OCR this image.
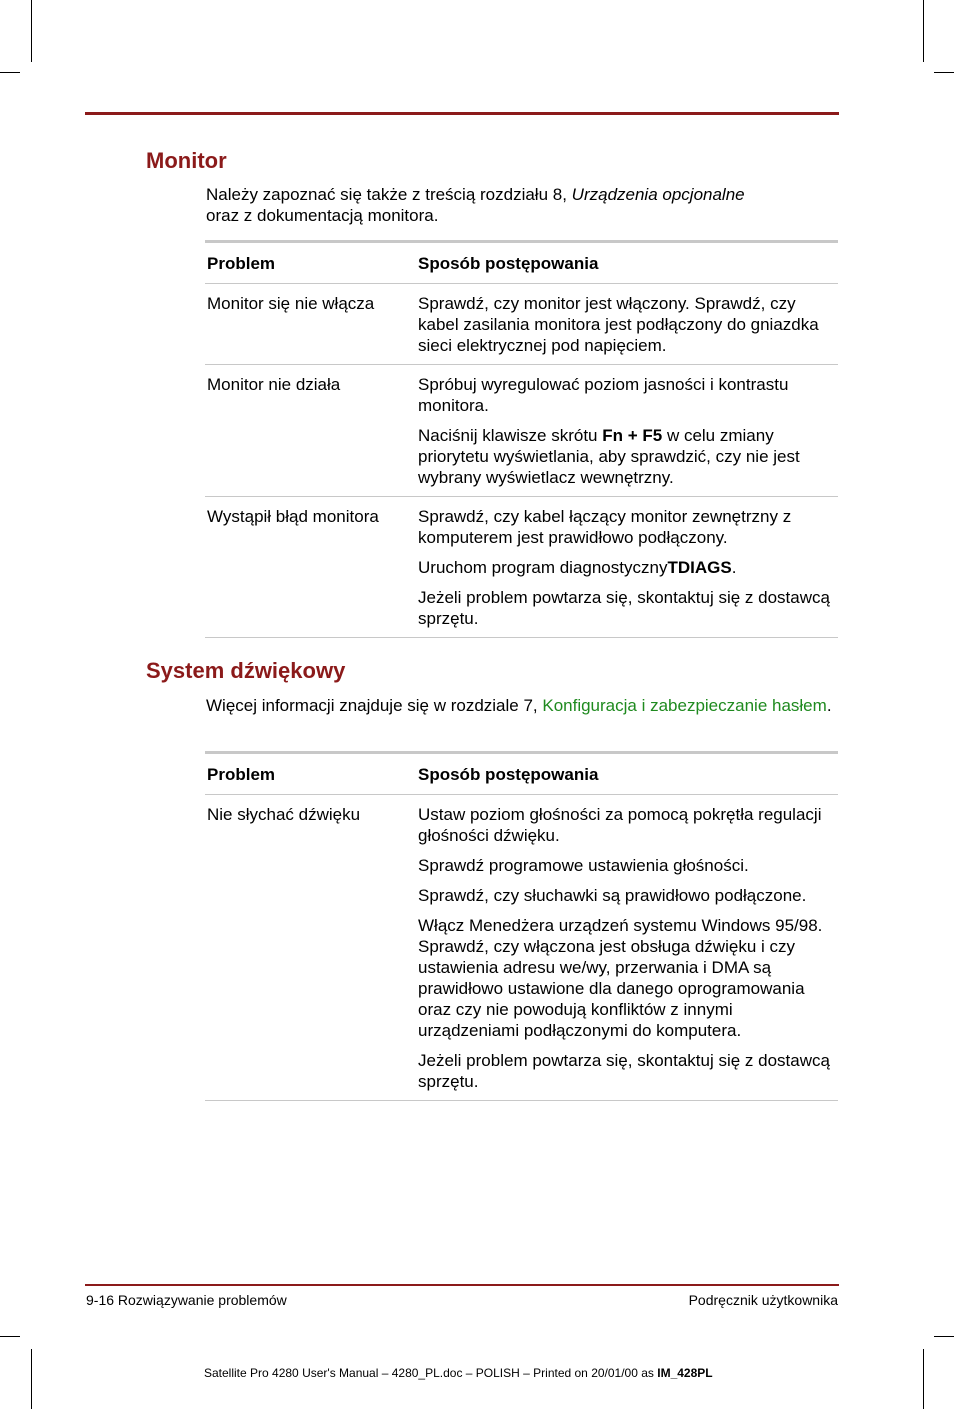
Monitor

Należy zapoznać się także z treścią rozdziału 8, Urządzenia opcjonalne
oraz z dokumentacją monitora.

Problem	Sposób postępowania
Monitor się nie włącza	Sprawdź, czy monitor jest włączony. Sprawdź, czy kabel zasilania monitora jest podłączony do gniazdka sieci elektrycznej pod napięciem.

Monitor nie działa	Spróbuj wyregulować poziom jasności i kontrastu monitora.

Naciśnij klawisze skrótu Fn + F5 w celu zmiany priorytetu wyświetlania, aby sprawdzić, czy nie jest wybrany wyświetlacz wewnętrzny.

Wystąpił błąd monitora	Sprawdź, czy kabel łączący monitor zewnętrzny z komputerem jest prawidłowo podłączony.

Uruchom program diagnostycznyTDIAGS.

Jeżeli problem powtarza się, skontaktuj się z dostawcą sprzętu.

System dźwiękowy

Więcej informacji znajduje się w rozdziale 7, Konfiguracja i zabezpieczanie hasłem.

Problem	Sposób postępowania
Nie słychać dźwięku	Ustaw poziom głośności za pomocą pokrętła regulacji głośności dźwięku.

Sprawdź programowe ustawienia głośności.

Sprawdź, czy słuchawki są prawidłowo podłączone.

Włącz Menedżera urządzeń systemu Windows 95/98. Sprawdź, czy włączona jest obsługa dźwięku i czy ustawienia adresu we/wy, przerwania i DMA są prawidłowo ustawione dla danego oprogramowania oraz czy nie powodują konfliktów z innymi urządzeniami podłączonymi do komputera.

Jeżeli problem powtarza się, skontaktuj się z dostawcą sprzętu.

9-16 Rozwiązywanie problemów	Podręcznik użytkownika
Satellite Pro 4280 User's Manual – 4280_PL.doc – POLISH – Printed on 20/01/00 as IM_428PL
